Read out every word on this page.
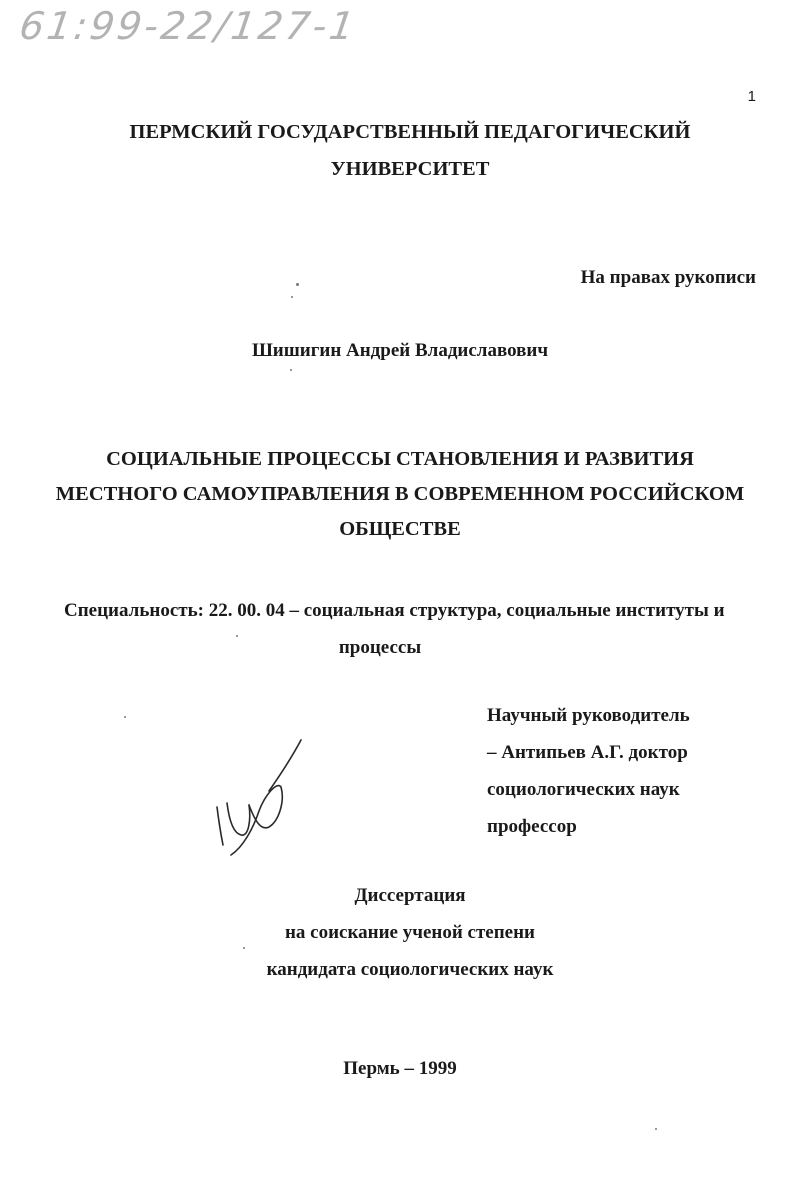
61:99-22/127-1
1
ПЕРМСКИЙ ГОСУДАРСТВЕННЫЙ ПЕДАГОГИЧЕСКИЙ
УНИВЕРСИТЕТ
На правах рукописи
Шишигин Андрей Владиславович
СОЦИАЛЬНЫЕ ПРОЦЕССЫ СТАНОВЛЕНИЯ И РАЗВИТИЯ
МЕСТНОГО САМОУПРАВЛЕНИЯ В СОВРЕМЕННОМ РОССИЙСКОМ
ОБЩЕСТВЕ
Специальность: 22. 00. 04 – социальная структура, социальные институты и
процессы
Научный руководитель
– Антипьев А.Г. доктор
социологических наук
профессор
Диссертация
на соискание ученой степени
кандидата социологических наук
Пермь – 1999
